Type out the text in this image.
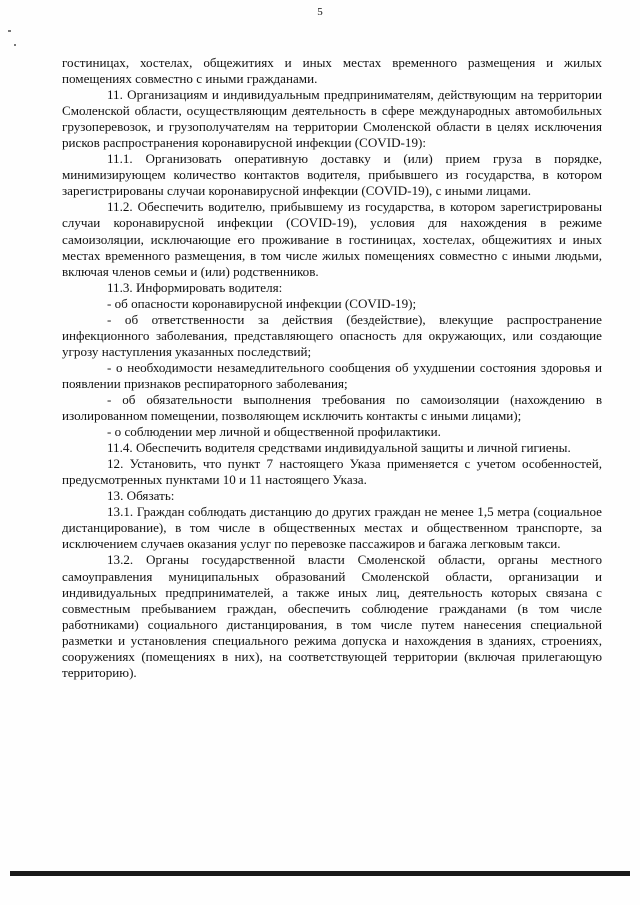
5

гостиницах, хостелах, общежитиях и иных местах временного размещения и жилых помещениях совместно с иными гражданами.

11. Организациям и индивидуальным предпринимателям, действующим на территории Смоленской области, осуществляющим деятельность в сфере международных автомобильных грузоперевозок, и грузополучателям на территории Смоленской области в целях исключения рисков распространения коронавирусной инфекции (COVID-19):

11.1. Организовать оперативную доставку и (или) прием груза в порядке, минимизирующем количество контактов водителя, прибывшего из государства, в котором зарегистрированы случаи коронавирусной инфекции (COVID-19), с иными лицами.

11.2. Обеспечить водителю, прибывшему из государства, в котором зарегистрированы случаи коронавирусной инфекции (COVID-19), условия для нахождения в режиме самоизоляции, исключающие его проживание в гостиницах, хостелах, общежитиях и иных местах временного размещения, в том числе жилых помещениях совместно с иными людьми, включая членов семьи и (или) родственников.

11.3. Информировать водителя:

- об опасности коронавирусной инфекции (COVID-19);

- об ответственности за действия (бездействие), влекущие распространение инфекционного заболевания, представляющего опасность для окружающих, или создающие угрозу наступления указанных последствий;

- о необходимости незамедлительного сообщения об ухудшении состояния здоровья и появлении признаков респираторного заболевания;

- об обязательности выполнения требования по самоизоляции (нахождению в изолированном помещении, позволяющем исключить контакты с иными лицами);

- о соблюдении мер личной и общественной профилактики.

11.4. Обеспечить водителя средствами индивидуальной защиты и личной гигиены.

12. Установить, что пункт 7 настоящего Указа применяется с учетом особенностей, предусмотренных пунктами 10 и 11 настоящего Указа.

13. Обязать:

13.1. Граждан соблюдать дистанцию до других граждан не менее 1,5 метра (социальное дистанцирование), в том числе в общественных местах и общественном транспорте, за исключением случаев оказания услуг по перевозке пассажиров и багажа легковым такси.

13.2. Органы государственной власти Смоленской области, органы местного самоуправления муниципальных образований Смоленской области, организации и индивидуальных предпринимателей, а также иных лиц, деятельность которых связана с совместным пребыванием граждан, обеспечить соблюдение гражданами (в том числе работниками) социального дистанцирования, в том числе путем нанесения специальной разметки и установления специального режима допуска и нахождения в зданиях, строениях, сооружениях (помещениях в них), на соответствующей территории (включая прилегающую территорию).
